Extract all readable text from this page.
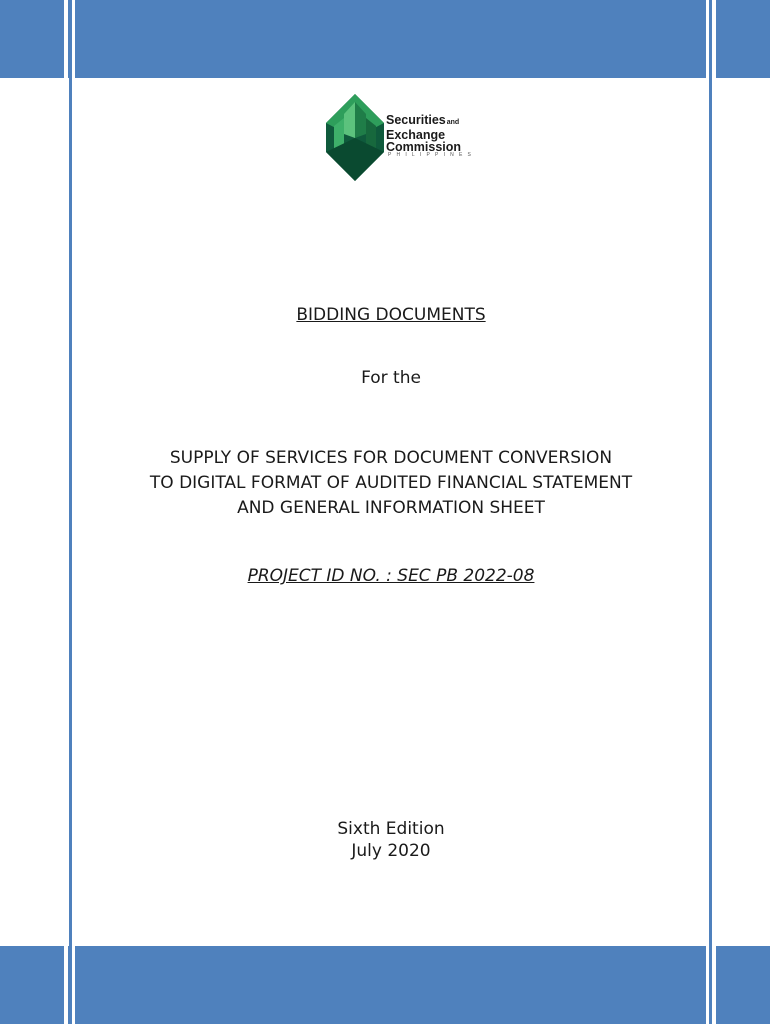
Securitiesand
Exchange
Commission
PHILIPPINES
BIDDING DOCUMENTS
For the
SUPPLY OF SERVICES FOR DOCUMENT CONVERSION
TO DIGITAL FORMAT OF AUDITED FINANCIAL STATEMENT
AND GENERAL INFORMATION SHEET
PROJECT ID NO. : SEC PB 2022-08
Sixth Edition
July 2020
